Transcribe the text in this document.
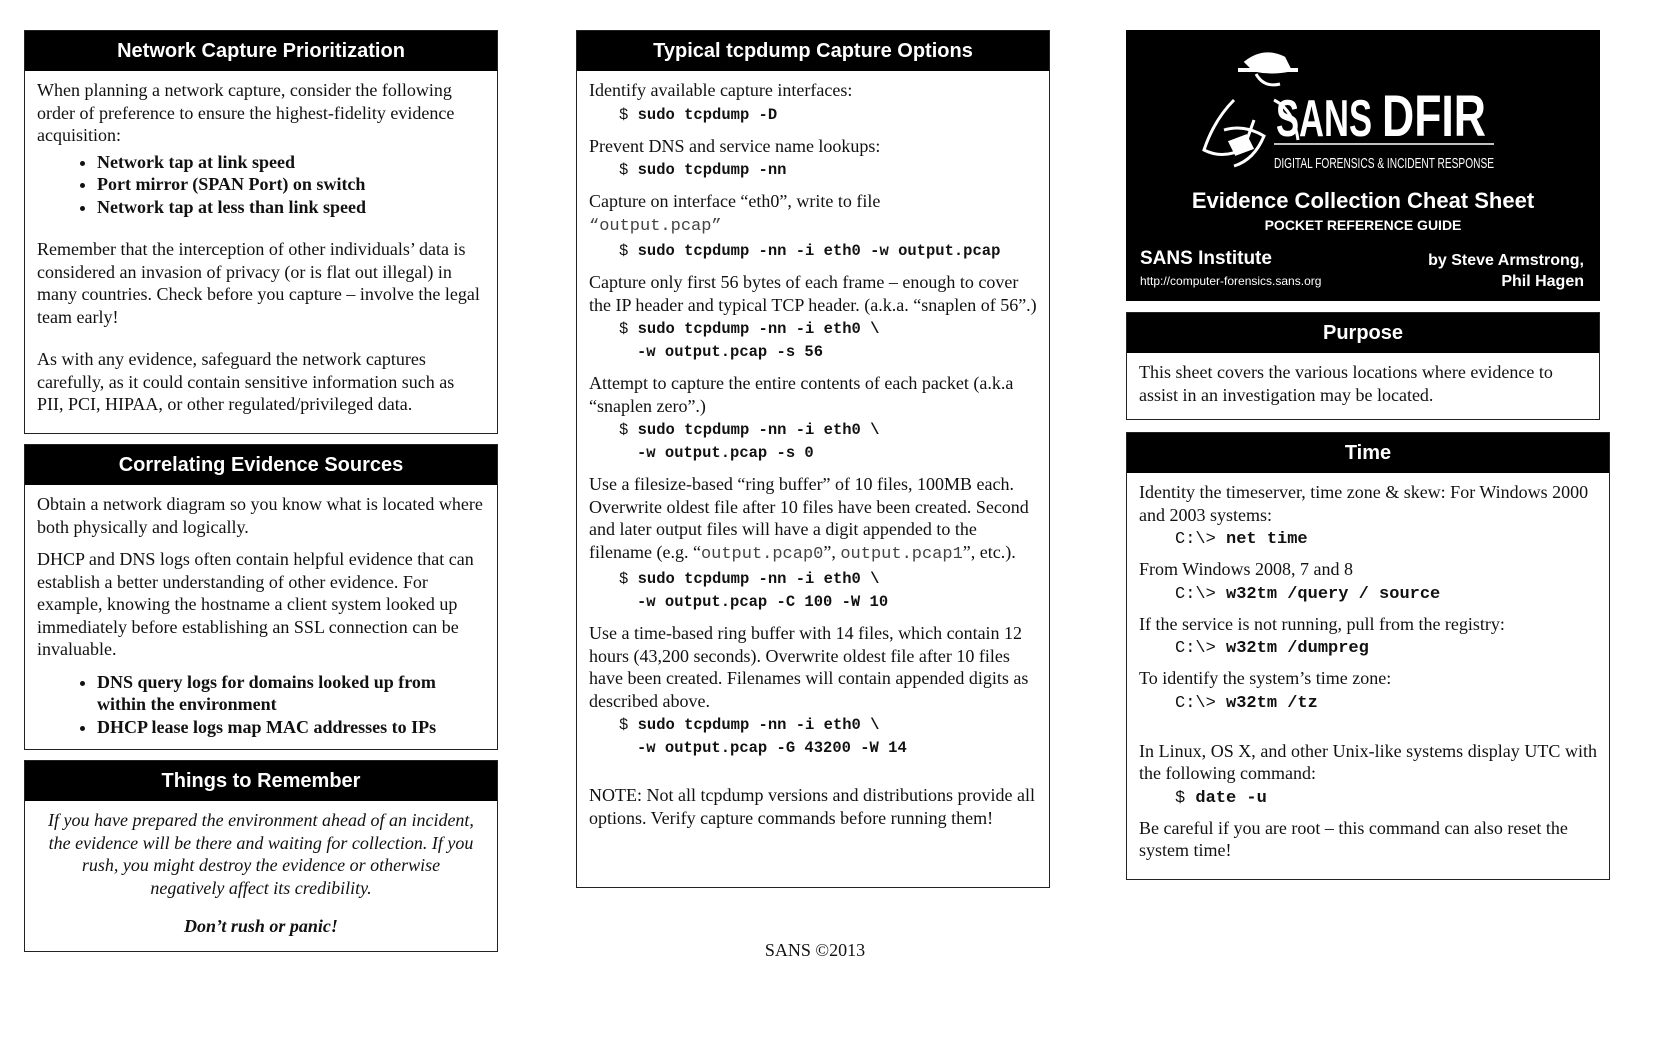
Network Capture Prioritization

When planning a network capture, consider the following order of preference to ensure the highest-fidelity evidence acquisition:

• Network tap at link speed
• Port mirror (SPAN Port) on switch
• Network tap at less than link speed

Remember that the interception of other individuals’ data is considered an invasion of privacy (or is flat out illegal) in many countries. Check before you capture – involve the legal team early!

As with any evidence, safeguard the network captures carefully, as it could contain sensitive information such as PII, PCI, HIPAA, or other regulated/privileged data.

Correlating Evidence Sources

Obtain a network diagram so you know what is located where both physically and logically.

DHCP and DNS logs often contain helpful evidence that can establish a better understanding of other evidence. For example, knowing the hostname a client system looked up immediately before establishing an SSL connection can be invaluable.

• DNS query logs for domains looked up from within the environment
• DHCP lease logs map MAC addresses to IPs
Things to Remember

If you have prepared the environment ahead of an incident, the evidence will be there and waiting for collection. If you rush, you might destroy the evidence or otherwise negatively affect its credibility.

Don’t rush or panic!

Typical tcpdump Capture Options

Identify available capture interfaces:
$ sudo tcpdump -D

Prevent DNS and service name lookups:
$ sudo tcpdump -nn

Capture on interface “eth0”, write to file
“output.pcap”
$ sudo tcpdump -nn -i eth0 -w output.pcap

Capture only first 56 bytes of each frame – enough to cover the IP header and typical TCP header. (a.k.a. “snaplen of 56”.)
$ sudo tcpdump -nn -i eth0 \
-w output.pcap -s 56

Attempt to capture the entire contents of each packet (a.k.a “snaplen zero”.)
$ sudo tcpdump -nn -i eth0 \
-w output.pcap -s 0

Use a filesize-based “ring buffer” of 10 files, 100MB each. Overwrite oldest file after 10 files have been created. Second and later output files will have a digit appended to the filename (e.g. “output.pcap0”, output.pcap1”, etc.).
$ sudo tcpdump -nn -i eth0 \
-w output.pcap -C 100 -W 10

Use a time-based ring buffer with 14 files, which contain 12 hours (43,200 seconds). Overwrite oldest file after 10 files have been created. Filenames will contain appended digits as described above.
$ sudo tcpdump -nn -i eth0 \
-w output.pcap -G 43200 -W 14

NOTE: Not all tcpdump versions and distributions provide all options. Verify capture commands before running them!

SANS ©2013
SANS DFIR
DIGITAL FORENSICS & INCIDENT RESPONSE
Evidence Collection Cheat Sheet
POCKET REFERENCE GUIDE
SANS Institute
http://computer-forensics.sans.org
by Steve Armstrong,
Phil Hagen
Purpose

This sheet covers the various locations where evidence to assist in an investigation may be located.

Time

Identity the timeserver, time zone & skew: For Windows 2000 and 2003 systems:
C:\> net time

From Windows 2008, 7 and 8
C:\> w32tm /query / source

If the service is not running, pull from the registry:
C:\> w32tm /dumpreg

To identify the system’s time zone:
C:\> w32tm /tz

In Linux, OS X, and other Unix-like systems display UTC with the following command:
$ date -u

Be careful if you are root – this command can also reset the system time!
